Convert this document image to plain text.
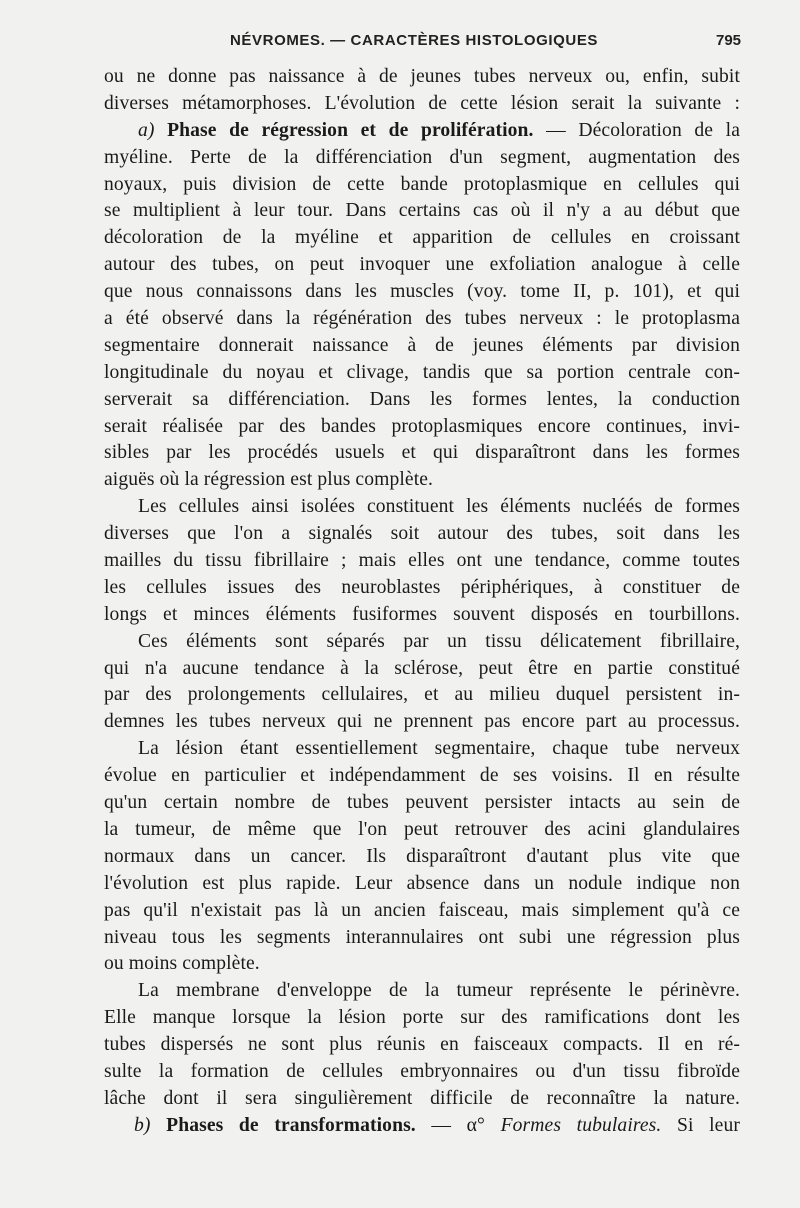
NÉVROMES. — CARACTÈRES HISTOLOGIQUES	795
ou ne donne pas naissance à de jeunes tubes nerveux ou, enfin, subit
diverses métamorphoses. L'évolution de cette lésion serait la suivante :
a) Phase de régression et de prolifération. — Décoloration de la
myéline. Perte de la différenciation d'un segment, augmentation des
noyaux, puis division de cette bande protoplasmique en cellules qui
se multiplient à leur tour. Dans certains cas où il n'y a au début que
décoloration de la myéline et apparition de cellules en croissant
autour des tubes, on peut invoquer une exfoliation analogue à celle
que nous connaissons dans les muscles (voy. tome II, p. 101), et qui
a été observé dans la régénération des tubes nerveux : le protoplasma
segmentaire donnerait naissance à de jeunes éléments par division
longitudinale du noyau et clivage, tandis que sa portion centrale con-
serverait sa différenciation. Dans les formes lentes, la conduction
serait réalisée par des bandes protoplasmiques encore continues, invi-
sibles par les procédés usuels et qui disparaîtront dans les formes
aiguës où la régression est plus complète.
Les cellules ainsi isolées constituent les éléments nucléés de formes
diverses que l'on a signalés soit autour des tubes, soit dans les
mailles du tissu fibrillaire ; mais elles ont une tendance, comme toutes
les cellules issues des neuroblastes périphériques, à constituer de
longs et minces éléments fusiformes souvent disposés en tourbillons.
Ces éléments sont séparés par un tissu délicatement fibrillaire,
qui n'a aucune tendance à la sclérose, peut être en partie constitué
par des prolongements cellulaires, et au milieu duquel persistent in-
demnes les tubes nerveux qui ne prennent pas encore part au processus.
La lésion étant essentiellement segmentaire, chaque tube nerveux
évolue en particulier et indépendamment de ses voisins. Il en résulte
qu'un certain nombre de tubes peuvent persister intacts au sein de
la tumeur, de même que l'on peut retrouver des acini glandulaires
normaux dans un cancer. Ils disparaîtront d'autant plus vite que
l'évolution est plus rapide. Leur absence dans un nodule indique non
pas qu'il n'existait pas là un ancien faisceau, mais simplement qu'à ce
niveau tous les segments interannulaires ont subi une régression plus
ou moins complète.
La membrane d'enveloppe de la tumeur représente le périnèvre.
Elle manque lorsque la lésion porte sur des ramifications dont les
tubes dispersés ne sont plus réunis en faisceaux compacts. Il en ré-
sulte la formation de cellules embryonnaires ou d'un tissu fibroïde
lâche dont il sera singulièrement difficile de reconnaître la nature.
b) Phases de transformations. — α° Formes tubulaires. Si leur
